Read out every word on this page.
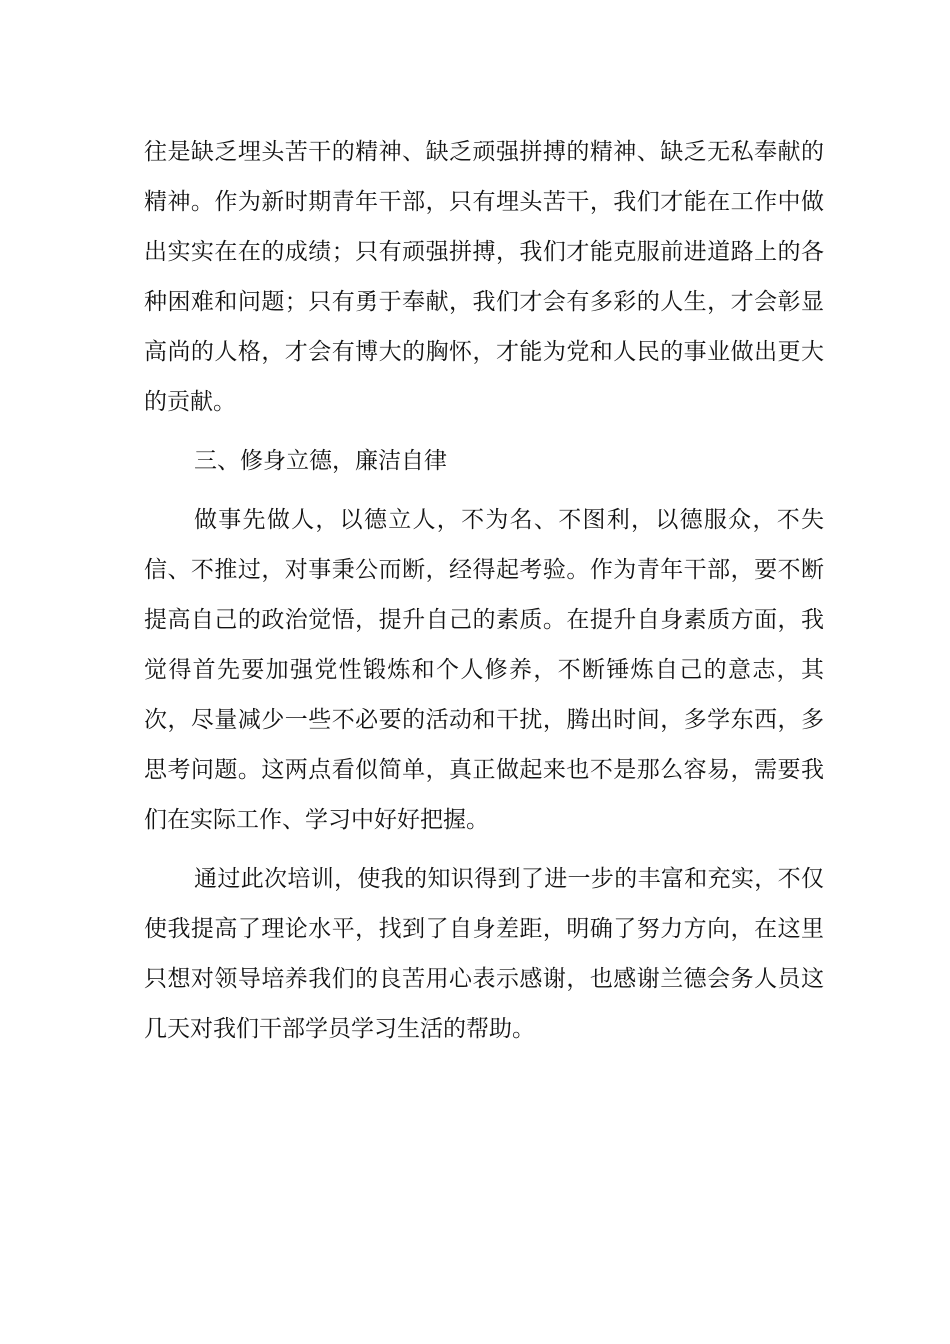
往是缺乏埋头苦干的精神、缺乏顽强拼搏的精神、缺乏无私奉献的精神。作为新时期青年干部，只有埋头苦干，我们才能在工作中做出实实在在的成绩；只有顽强拼搏，我们才能克服前进道路上的各种困难和问题；只有勇于奉献，我们才会有多彩的人生，才会彰显高尚的人格，才会有博大的胸怀，才能为党和人民的事业做出更大的贡献。

三、修身立德，廉洁自律

做事先做人，以德立人，不为名、不图利，以德服众，不失信、不推过，对事秉公而断，经得起考验。作为青年干部，要不断提高自己的政治觉悟，提升自己的素质。在提升自身素质方面，我觉得首先要加强党性锻炼和个人修养，不断锤炼自己的意志，其次，尽量减少一些不必要的活动和干扰，腾出时间，多学东西，多思考问题。这两点看似简单，真正做起来也不是那么容易，需要我们在实际工作、学习中好好把握。

通过此次培训，使我的知识得到了进一步的丰富和充实，不仅使我提高了理论水平，找到了自身差距，明确了努力方向，在这里只想对领导培养我们的良苦用心表示感谢，也感谢兰德会务人员这几天对我们干部学员学习生活的帮助。
